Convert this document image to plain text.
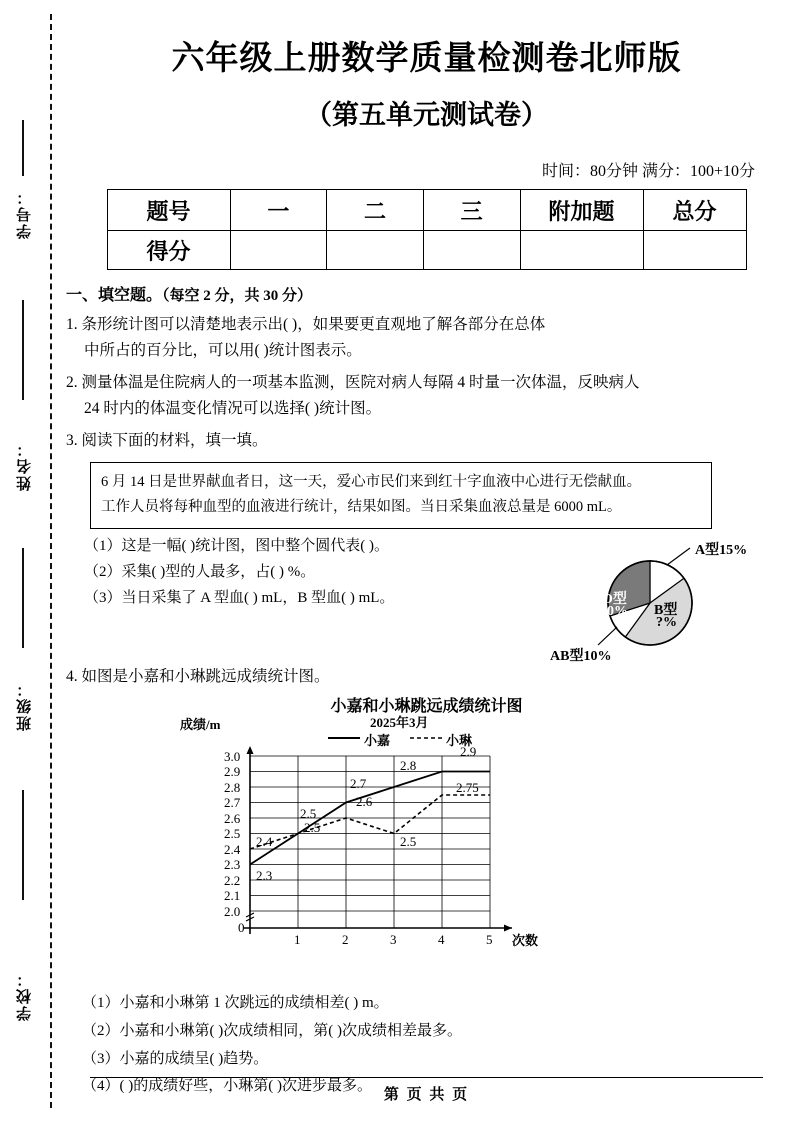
学号：
姓名：
班级：
学校：
六年级上册数学质量检测卷北师版
（第五单元测试卷）
时间：80分钟 满分：100+10分
题号	一	二	三	附加题	总分
得分					
一、填空题。（每空 2 分，共 30 分）
1. 条形统计图可以清楚地表示出( )，如果要更直观地了解各部分在总体
中所占的百分比，可以用( )统计图表示。
2. 测量体温是住院病人的一项基本监测，医院对病人每隔 4 时量一次体温，反映病人
24 时内的体温变化情况可以选择( )统计图。
3. 阅读下面的材料，填一填。
6 月 14 日是世界献血者日，这一天，爱心市民们来到红十字血液中心进行无偿献血。
工作人员将每种血型的血液进行统计，结果如图。当日采集血液总量是 6000 mL。
（1）这是一幅( )统计图，图中整个圆代表( )。
（2）采集( )型的人最多，占( ) %。
（3）当日采集了 A 型血( ) mL，B 型血( ) mL。

A型15%
O型
30% B型
?%
AB型10%
4. 如图是小嘉和小琳跳远成绩统计图。
小嘉和小琳跳远成绩统计图
成绩/m	2025年3月
小嘉	小琳
3.0
2.9
2.8
2.7
2.6
2.5
2.4
2.3
2.2
2.1
2.0
0
1	2	3	4	5 次数
2.3
2.5
2.7
2.8
2.9
2.4
2.5
2.6
2.5
2.75
（1）小嘉和小琳第 1 次跳远的成绩相差( ) m。
（2）小嘉和小琳第( )次成绩相同，第( )次成绩相差最多。
（3）小嘉的成绩呈( )趋势。
（4）( )的成绩好些，小琳第( )次进步最多。
第 页 共 页
